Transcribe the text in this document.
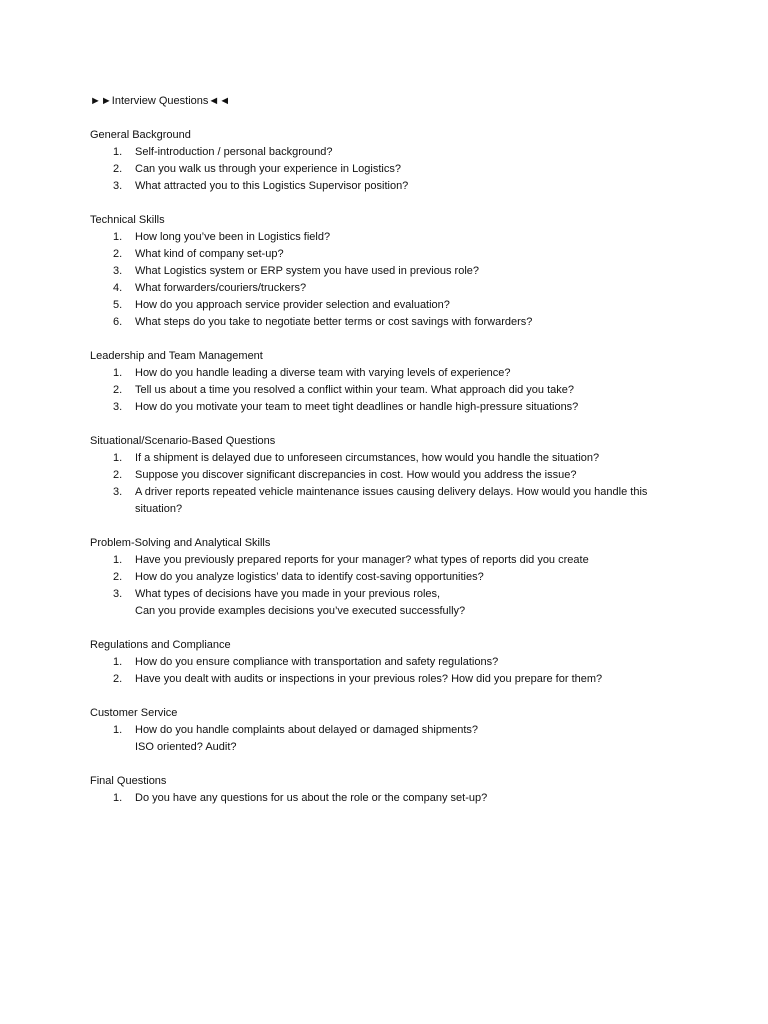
►►Interview Questions◄◄
General Background
1. Self-introduction / personal background?
2. Can you walk us through your experience in Logistics?
3. What attracted you to this Logistics Supervisor position?
Technical Skills
1. How long you’ve been in Logistics field?
2. What kind of company set-up?
3. What Logistics system or ERP system you have used in previous role?
4. What forwarders/couriers/truckers?
5. How do you approach service provider selection and evaluation?
6. What steps do you take to negotiate better terms or cost savings with forwarders?
Leadership and Team Management
1. How do you handle leading a diverse team with varying levels of experience?
2. Tell us about a time you resolved a conflict within your team. What approach did you take?
3. How do you motivate your team to meet tight deadlines or handle high-pressure situations?
Situational/Scenario-Based Questions
1. If a shipment is delayed due to unforeseen circumstances, how would you handle the situation?
2. Suppose you discover significant discrepancies in cost. How would you address the issue?
3. A driver reports repeated vehicle maintenance issues causing delivery delays. How would you handle this
situation?
Problem-Solving and Analytical Skills
1. Have you previously prepared reports for your manager? what types of reports did you create
2. How do you analyze logistics’ data to identify cost-saving opportunities?
3. What types of decisions have you made in your previous roles,
Can you provide examples decisions you’ve executed successfully?
Regulations and Compliance
1. How do you ensure compliance with transportation and safety regulations?
2. Have you dealt with audits or inspections in your previous roles? How did you prepare for them?
Customer Service
1. How do you handle complaints about delayed or damaged shipments?
ISO oriented? Audit?
Final Questions
1. Do you have any questions for us about the role or the company set-up?
